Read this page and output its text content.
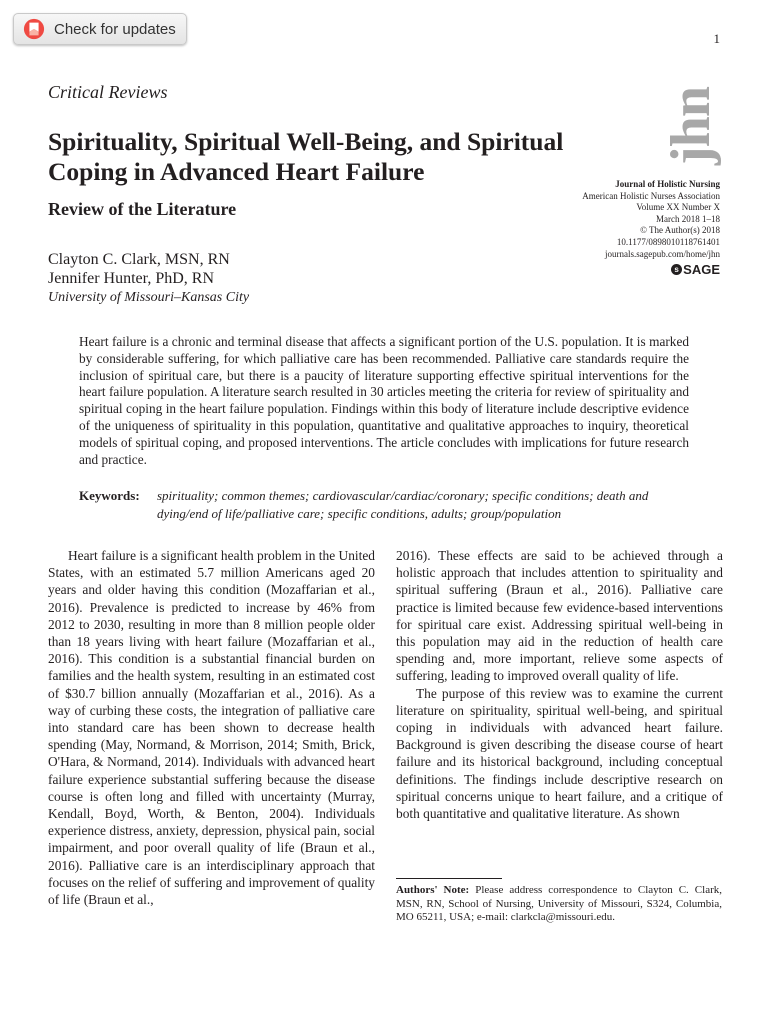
Check for updates
1
Critical Reviews
Spirituality, Spiritual Well-Being, and Spiritual Coping in Advanced Heart Failure
Review of the Literature
Clayton C. Clark, MSN, RN
Jennifer Hunter, PhD, RN
University of Missouri–Kansas City
jhn
Journal of Holistic Nursing
American Holistic Nurses Association
Volume XX Number X
March 2018 1–18
© The Author(s) 2018
10.1177/0898010118761401
journals.sagepub.com/home/jhn
s SAGE
Heart failure is a chronic and terminal disease that affects a significant portion of the U.S. population. It is marked by considerable suffering, for which palliative care has been recommended. Palliative care standards require the inclusion of spiritual care, but there is a paucity of literature supporting effective spiritual interventions for the heart failure population. A literature search resulted in 30 articles meeting the criteria for review of spirituality and spiritual coping in the heart failure population. Findings within this body of literature include descriptive evidence of the uniqueness of spirituality in this population, quantitative and qualitative approaches to inquiry, theoretical models of spiritual coping, and proposed interventions. The article concludes with implications for future research and practice.
Keywords: spirituality; common themes; cardiovascular/cardiac/coronary; specific conditions; death and dying/end of life/palliative care; specific conditions, adults; group/population

Heart failure is a significant health problem in the United States, with an estimated 5.7 million Americans aged 20 years and older having this condition (Mozaffarian et al., 2016). Prevalence is predicted to increase by 46% from 2012 to 2030, resulting in more than 8 million people older than 18 years living with heart failure (Mozaffarian et al., 2016). This condition is a substantial financial burden on families and the health system, resulting in an estimated cost of $30.7 billion annually (Mozaffarian et al., 2016). As a way of curbing these costs, the integration of palliative care into standard care has been shown to decrease health spending (May, Normand, & Morrison, 2014; Smith, Brick, O'Hara, & Normand, 2014). Individuals with advanced heart failure experience substantial suffering because the disease course is often long and filled with uncertainty (Murray, Kendall, Boyd, Worth, & Benton, 2004). Individuals experience distress, anxiety, depression, physical pain, social impairment, and poor overall quality of life (Braun et al., 2016). Palliative care is an interdisciplinary approach that focuses on the relief of suffering and improvement of quality of life (Braun et al.,

2016). These effects are said to be achieved through a holistic approach that includes attention to spirituality and spiritual suffering (Braun et al., 2016). Palliative care practice is limited because few evidence-based interventions for spiritual care exist. Addressing spiritual well-being in this population may aid in the reduction of health care spending and, more important, relieve some aspects of suffering, leading to improved overall quality of life.

The purpose of this review was to examine the current literature on spirituality, spiritual well-being, and spiritual coping in individuals with advanced heart failure. Background is given describing the disease course of heart failure and its historical background, including conceptual definitions. The findings include descriptive research on spiritual concerns unique to heart failure, and a critique of both quantitative and qualitative literature. As shown

Authors' Note: Please address correspondence to Clayton C. Clark, MSN, RN, School of Nursing, University of Missouri, S324, Columbia, MO 65211, USA; e-mail: clarkcla@missouri.edu.
